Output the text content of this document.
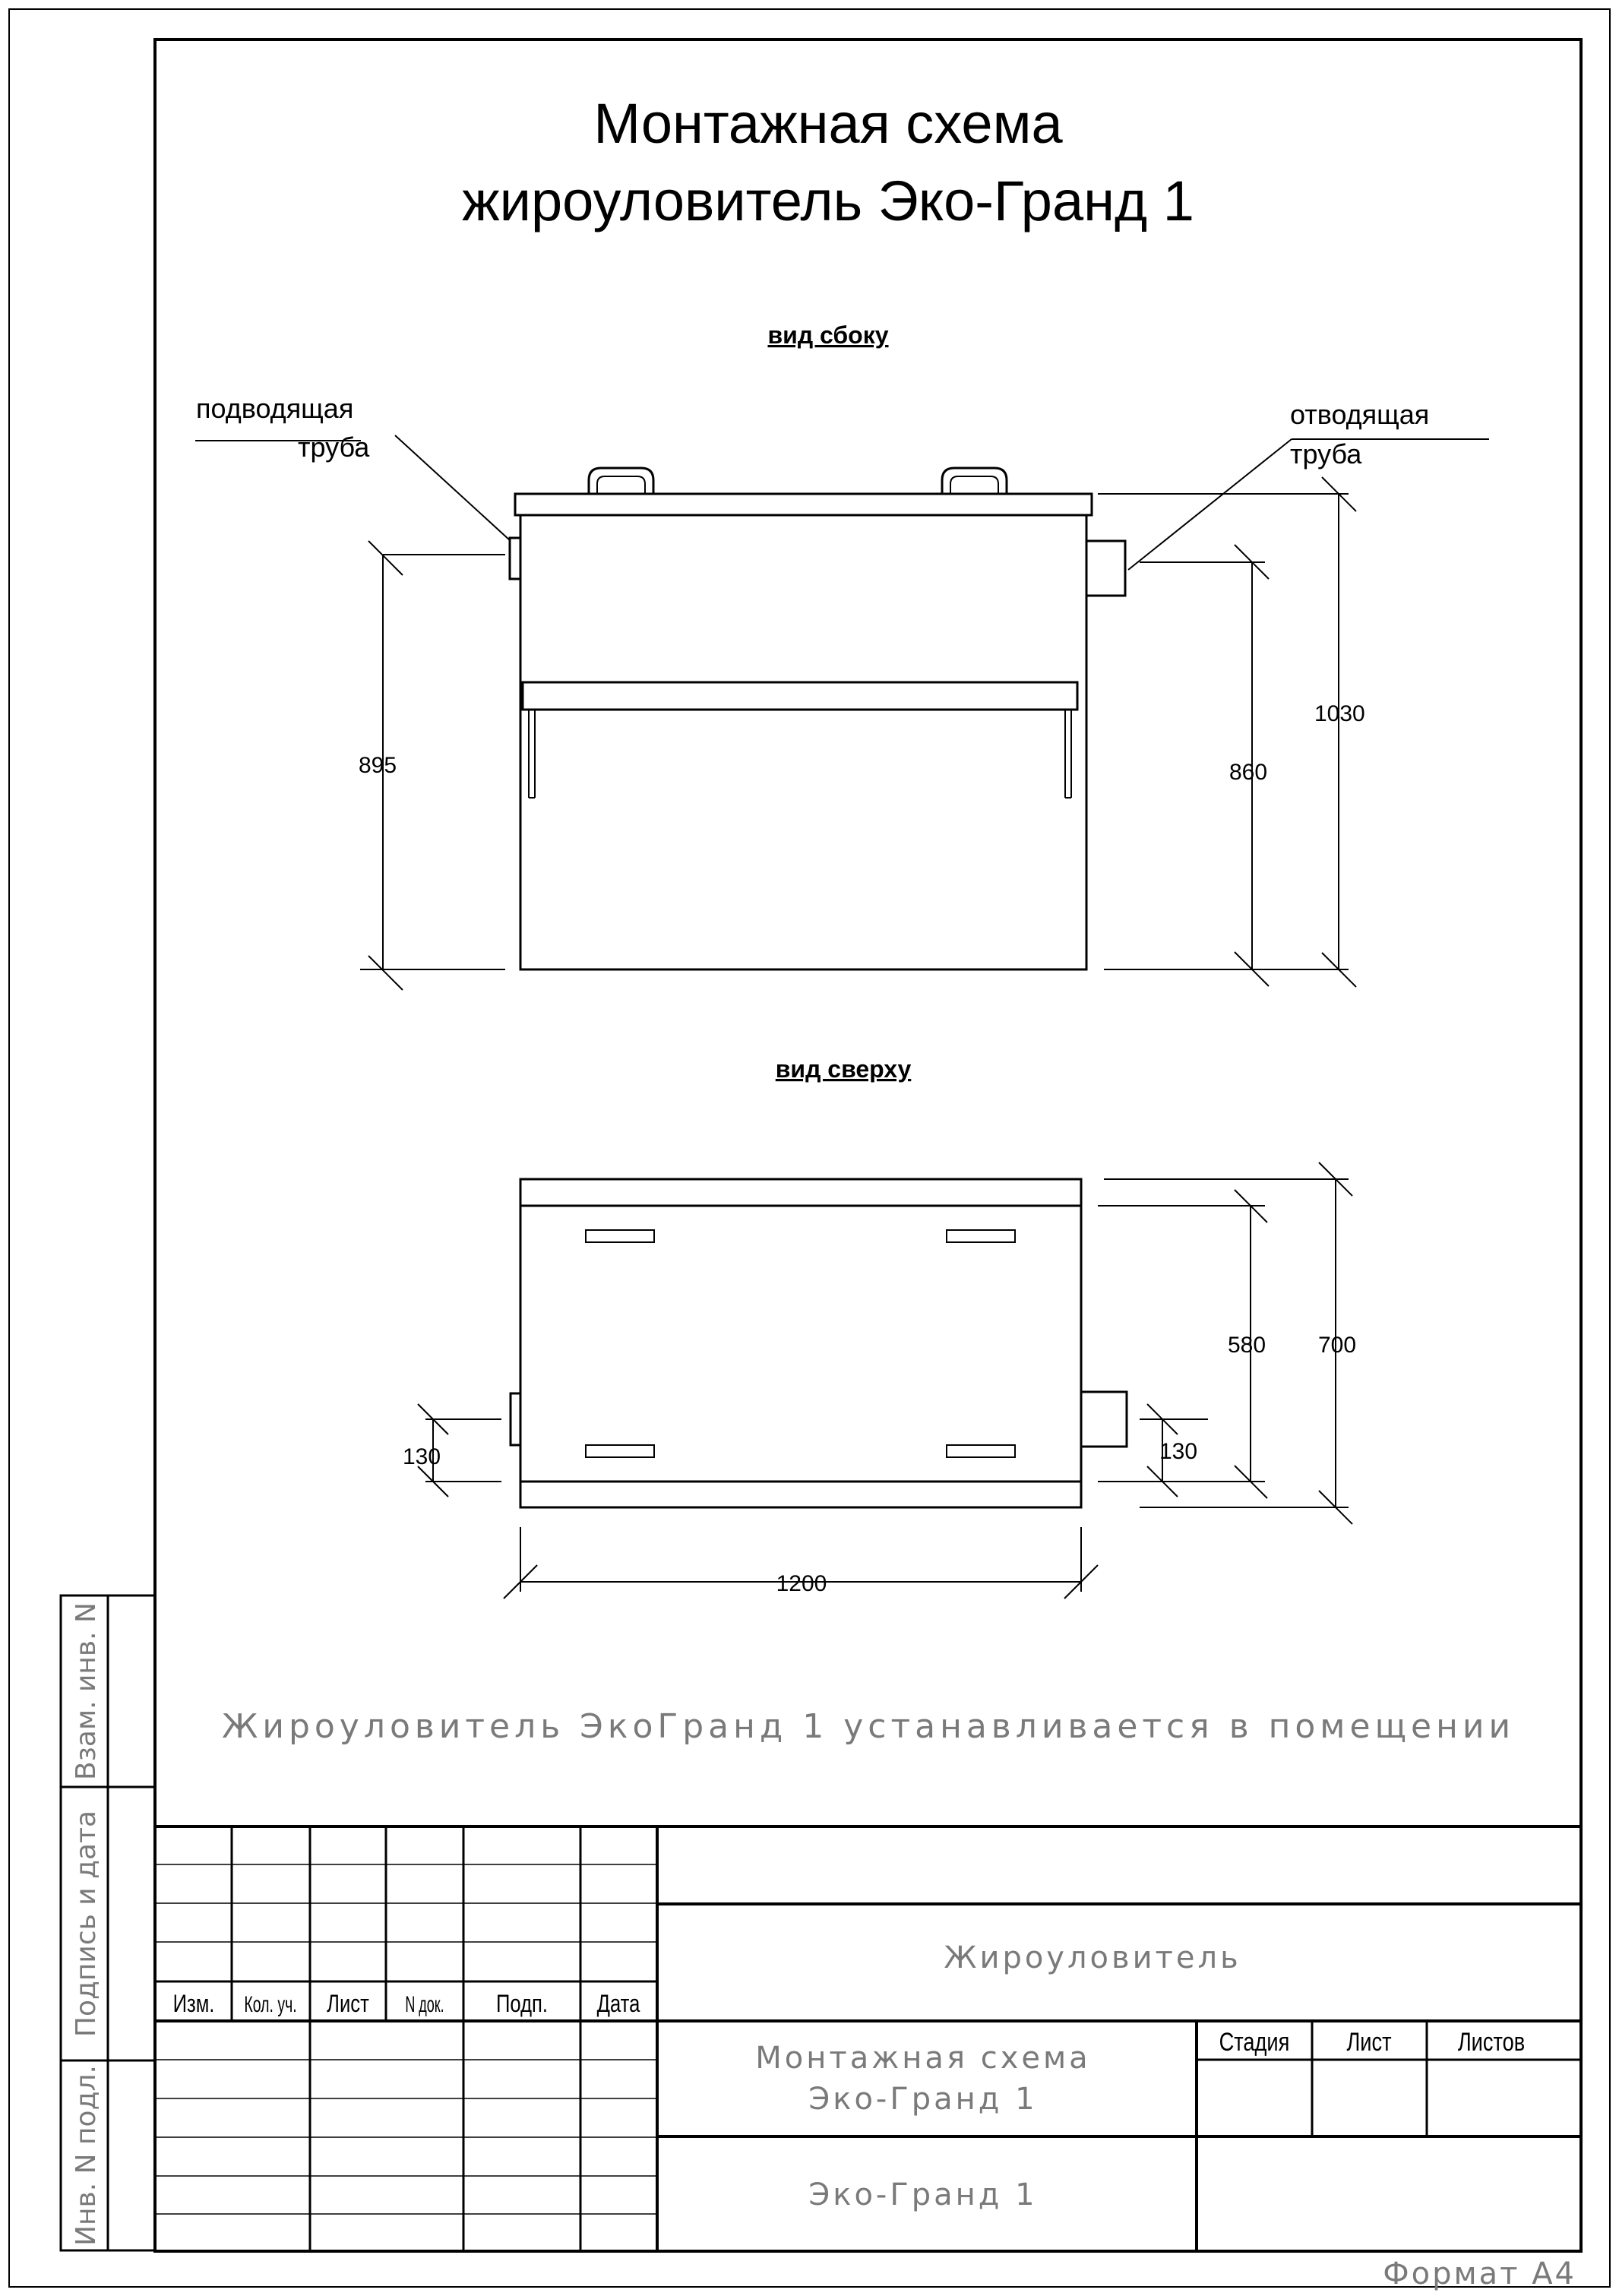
Монтажная схема
жироуловитель Эко-Гранд 1
вид сбоку
подводящая
труба
отводящая
труба
895	860
1030
вид сверху
580 700
130	130
1200
Жироуловитель ЭкоГранд 1 устанавливается в помещении
Взам. инв. N
Подпись и дата
Инв. N подл.
Изм. Кол. уч. Лист N док. Подп. Дата
Стадия Лист	Листов
Жироуловитель
Монтажная схема
Эко-Гранд 1
Эко-Гранд 1
Формат А4
